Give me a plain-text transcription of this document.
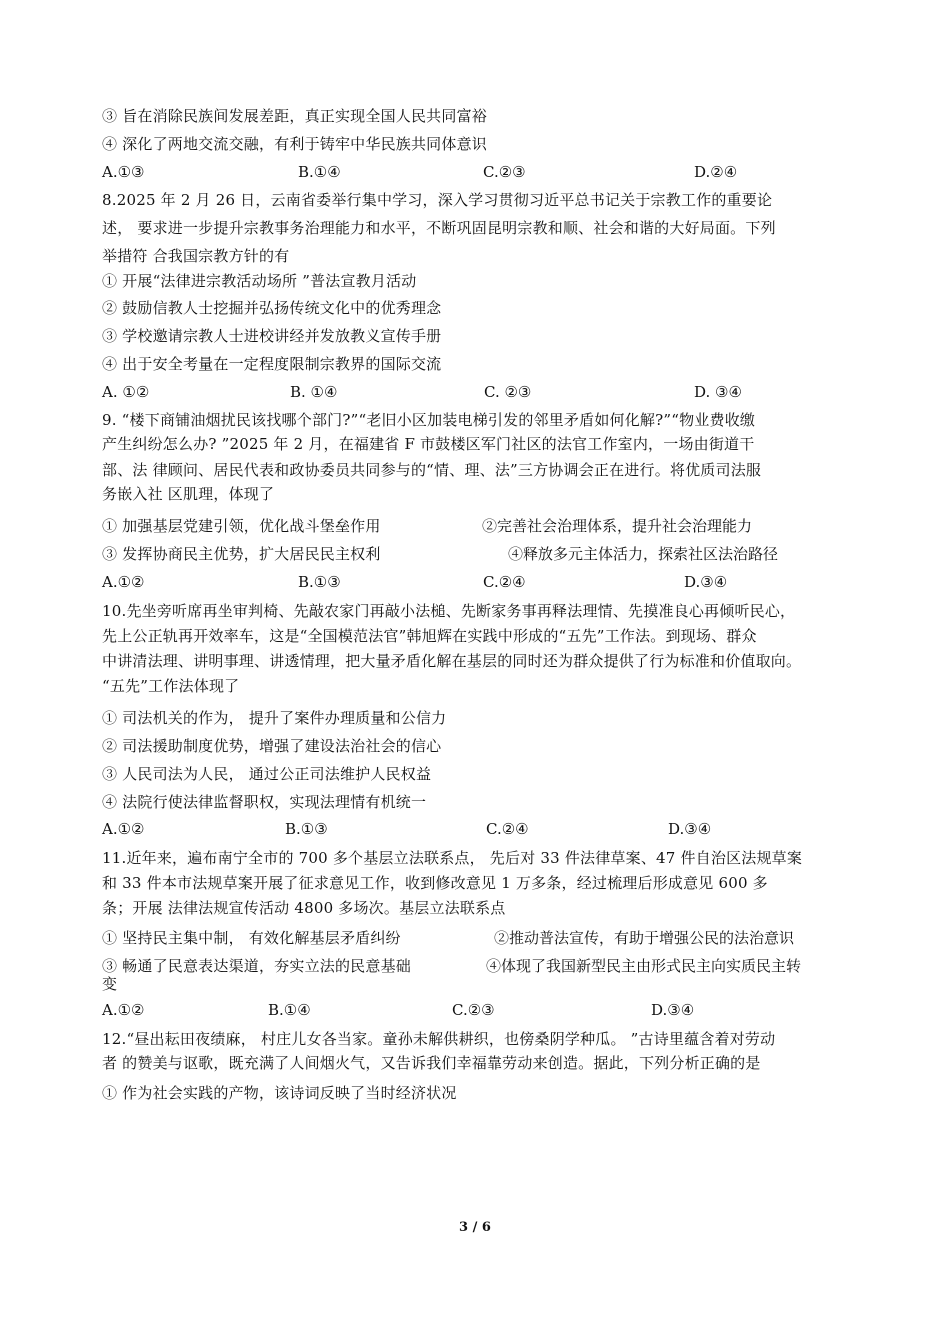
③ 旨在消除民族间发展差距，真正实现全国人民共同富裕
④ 深化了两地交流交融，有利于铸牢中华民族共同体意识
A.①③	B.①④	C.②③	D.②④
8.2025 年 2 月 26 日，云南省委举行集中学习，深入学习贯彻习近平总书记关于宗教工作的重要论
述， 要求进一步提升宗教事务治理能力和水平，不断巩固昆明宗教和顺、社会和谐的大好局面。下列
举措符 合我国宗教方针的有
① 开展“法律进宗教活动场所 ”普法宣教月活动
② 鼓励信教人士挖掘并弘扬传统文化中的优秀理念
③ 学校邀请宗教人士进校讲经并发放教义宣传手册
④ 出于安全考量在一定程度限制宗教界的国际交流
A. ①②	B. ①④	C. ②③	D. ③④
9. “楼下商铺油烟扰民该找哪个部门?”“老旧小区加装电梯引发的邻里矛盾如何化解?”“物业费收缴
产生纠纷怎么办? ”2025 年 2 月，在福建省 F 市鼓楼区军门社区的法官工作室内，一场由街道干
部、法 律顾问、居民代表和政协委员共同参与的“情、理、法”三方协调会正在进行。将优质司法服
务嵌入社 区肌理，体现了
① 加强基层党建引领，优化战斗堡垒作用	②完善社会治理体系，提升社会治理能力
③ 发挥协商民主优势，扩大居民民主权利	④释放多元主体活力，探索社区法治路径
A.①②	B.①③	C.②④	D.③④
10.先坐旁听席再坐审判椅、先敲农家门再敲小法槌、先断家务事再释法理情、先摸准良心再倾听民心，
先上公正轨再开效率车，这是“全国模范法官”韩旭辉在实践中形成的“五先”工作法。到现场、群众
中讲清法理、讲明事理、讲透情理，把大量矛盾化解在基层的同时还为群众提供了行为标准和价值取向。
“五先”工作法体现了
① 司法机关的作为， 提升了案件办理质量和公信力
② 司法援助制度优势，增强了建设法治社会的信心
③ 人民司法为人民， 通过公正司法维护人民权益
④ 法院行使法律监督职权，实现法理情有机统一
A.①②	B.①③	C.②④	D.③④
11.近年来，遍布南宁全市的 700 多个基层立法联系点， 先后对 33 件法律草案、47 件自治区法规草案
和 33 件本市法规草案开展了征求意见工作，收到修改意见 1 万多条，经过梳理后形成意见 600 多
条；开展 法律法规宣传活动 4800 多场次。基层立法联系点
① 坚持民主集中制， 有效化解基层矛盾纠纷	②推动普法宣传，有助于增强公民的法治意识
③ 畅通了民意表达渠道，夯实立法的民意基础	④体现了我国新型民主由形式民主向实质民主转
变
A.①②	B.①④	C.②③	D.③④
12.“昼出耘田夜绩麻， 村庄儿女各当家。童孙未解供耕织，也傍桑阴学种瓜。 ”古诗里蕴含着对劳动
者 的赞美与讴歌，既充满了人间烟火气，又告诉我们幸福靠劳动来创造。据此，下列分析正确的是
① 作为社会实践的产物，该诗词反映了当时经济状况
3 / 6
